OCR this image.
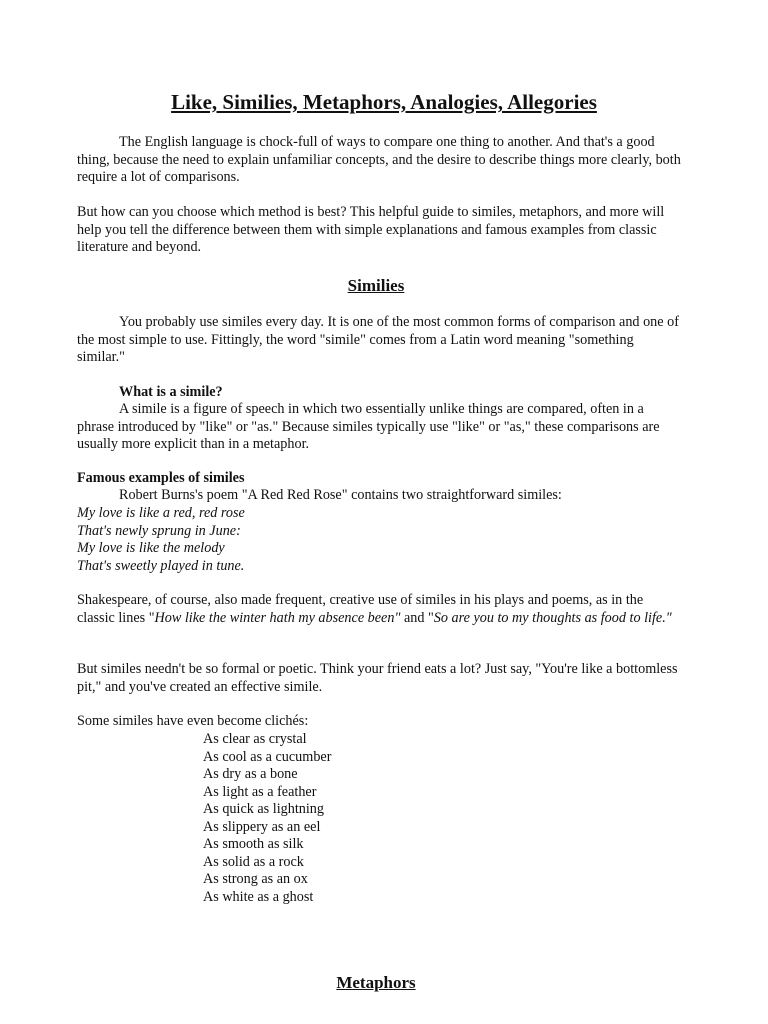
Like, Similies, Metaphors, Analogies, Allegories

The English language is chock-full of ways to compare one thing to another. And that's a good thing, because the need to explain unfamiliar concepts, and the desire to describe things more clearly, both require a lot of comparisons.

But how can you choose which method is best? This helpful guide to similes, metaphors, and more will help you tell the difference between them with simple explanations and famous examples from classic literature and beyond.

Similies

You probably use similes every day. It is one of the most common forms of comparison and one of the most simple to use. Fittingly, the word "simile" comes from a Latin word meaning "something similar."

What is a simile?

A simile is a figure of speech in which two essentially unlike things are compared, often in a phrase introduced by "like" or "as." Because similes typically use "like" or "as," these comparisons are usually more explicit than in a metaphor.

Famous examples of similes

Robert Burns's poem "A Red Red Rose" contains two straightforward similes:

My love is like a red, red rose
That's newly sprung in June:
My love is like the melody
That's sweetly played in tune.

Shakespeare, of course, also made frequent, creative use of similes in his plays and poems, as in the classic lines "How like the winter hath my absence been" and "So are you to my thoughts as food to life."

But similes needn't be so formal or poetic. Think your friend eats a lot? Just say, "You're like a bottomless pit," and you've created an effective simile.

Some similes have even become clichés:

As clear as crystal
As cool as a cucumber
As dry as a bone
As light as a feather
As quick as lightning
As slippery as an eel
As smooth as silk
As solid as a rock
As strong as an ox
As white as a ghost
Metaphors
